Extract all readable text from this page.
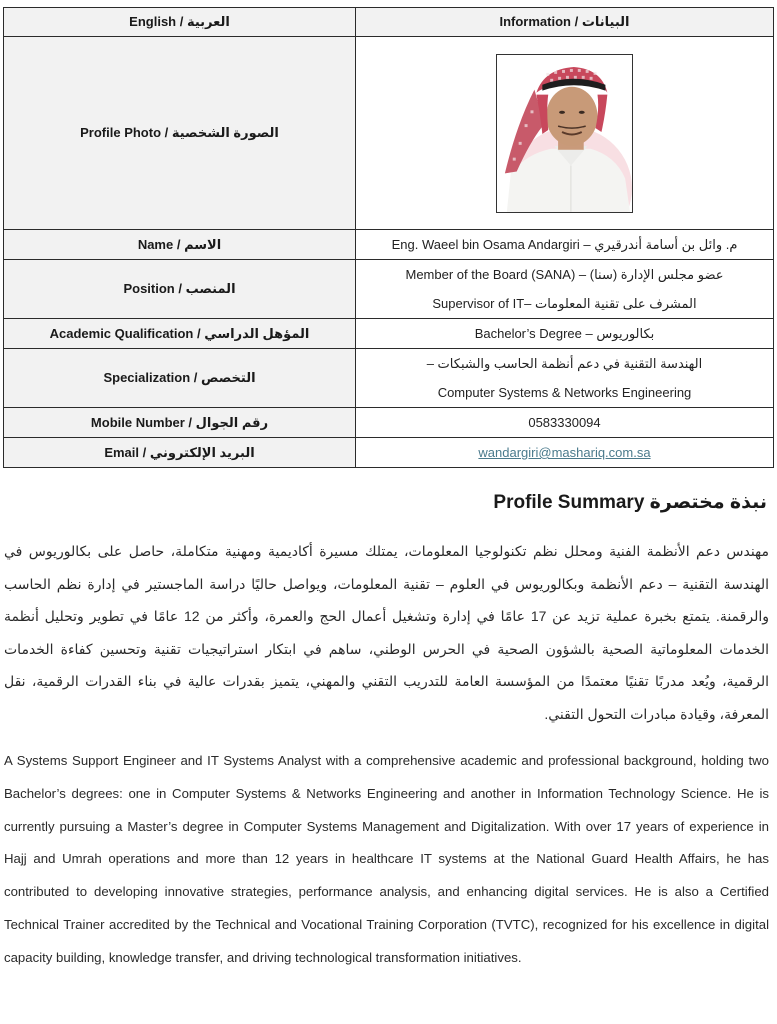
English / العربية	Information / البيانات
Profile Photo / الصورة الشخصية	

Name / الاسم	م. وائل بن أسامة أندرقيري – Eng. Waeel bin Osama Andargiri
Position / المنصب	عضو مجلس الإدارة (سنا) – Member of the Board (SANA)
المشرف على تقنية المعلومات –Supervisor of IT

Academic Qualification / المؤهل الدراسي	بكالوريوس – Bachelor’s Degree
Specialization / التخصص	الهندسة التقنية في دعم أنظمة الحاسب والشبكات –
Computer Systems & Networks Engineering

Mobile Number / رقم الجوال	0583330094
Email / البريد الإلكتروني	wandargiri@mashariq.com.sa
نبذة مختصرة Profile Summary

مهندس دعم الأنظمة الفنية ومحلل نظم تكنولوجيا المعلومات، يمتلك مسيرة أكاديمية ومهنية متكاملة، حاصل على بكالوريوس في الهندسة التقنية – دعم الأنظمة وبكالوريوس في العلوم – تقنية المعلومات، ويواصل حاليًا دراسة الماجستير في إدارة نظم الحاسب والرقمنة. يتمتع بخبرة عملية تزيد عن 17 عامًا في إدارة وتشغيل أعمال الحج والعمرة، وأكثر من 12 عامًا في تطوير وتحليل أنظمة الخدمات المعلوماتية الصحية بالشؤون الصحية في الحرس الوطني، ساهم في ابتكار استراتيجيات تقنية وتحسين كفاءة الخدمات الرقمية، ويُعد مدربًا تقنيًا معتمدًا من المؤسسة العامة للتدريب التقني والمهني، يتميز بقدرات عالية في بناء القدرات الرقمية، نقل المعرفة، وقيادة مبادرات التحول التقني.

A Systems Support Engineer and IT Systems Analyst with a comprehensive academic and professional background, holding two Bachelor’s degrees: one in Computer Systems & Networks Engineering and another in Information Technology Science. He is currently pursuing a Master’s degree in Computer Systems Management and Digitalization. With over 17 years of experience in Hajj and Umrah operations and more than 12 years in healthcare IT systems at the National Guard Health Affairs, he has contributed to developing innovative strategies, performance analysis, and enhancing digital services. He is also a Certified Technical Trainer accredited by the Technical and Vocational Training Corporation (TVTC), recognized for his excellence in digital capacity building, knowledge transfer, and driving technological transformation initiatives.
